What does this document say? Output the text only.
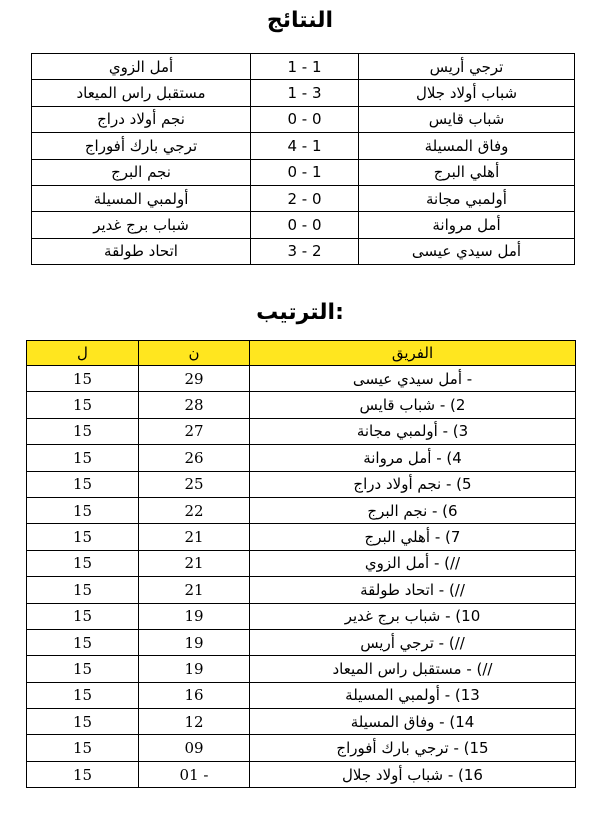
النتائج
أمل الزوي	1 - 1	ترجي أريس
مستقبل راس الميعاد	1 - 3	شباب أولاد جلال
نجم أولاد دراج	0 - 0	شباب قايس
ترجي بارك أفوراج	4 - 1	وفاق المسيلة
نجم البرج	0 - 1	أهلي البرج
أولمبي المسيلة	2 - 0	أولمبي مجانة
شباب برج غدير	0 - 0	أمل مروانة
اتحاد طولقة	3 - 2	أمل سيدي عيسى
الترتيب:
ل	ن	الفريق
15	29	- أمل سيدي عيسى
15	28	2) - شباب قايس
15	27	3) - أولمبي مجانة
15	26	4) - أمل مروانة
15	25	5) - نجم أولاد دراج
15	22	6) - نجم البرج
15	21	7) - أهلي البرج
15	21	//) - أمل الزوي
15	21	//) - اتحاد طولقة
15	19	10) - شباب برج غدير
15	19	//) - ترجي أريس
15	19	//) - مستقبل راس الميعاد
15	16	13) - أولمبي المسيلة
15	12	14) - وفاق المسيلة
15	09	15) - ترجي بارك أفوراج
15	01 -	16) - شباب أولاد جلال
